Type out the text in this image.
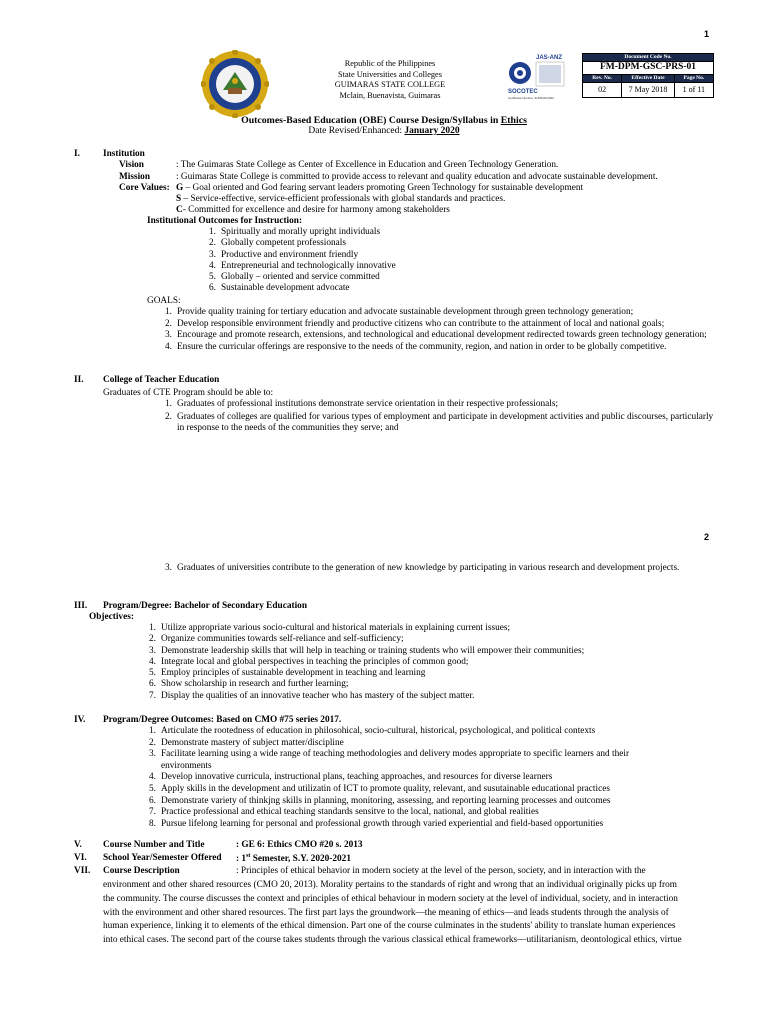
1
Republic of the Philippines
State Universities and Colleges
GUIMARAS STATE COLLEGE
Mclain, Buenavista, Guimaras
JAS-ANZ
SOCOTEC
Certificate Number: 6UP00/01/402
Document Code No.		
FM-DPM-GSC-PRS-01		
Rev. No.	Effective Date	Page No.
02	7 May 2018	1 of 11
Outcomes-Based Education (OBE) Course Design/Syllabus in Ethics
Date Revised/Enhanced: January 2020
I. Institution
Vision	: The Guimaras State College as Center of Excellence in Education and Green Technology Generation.
Mission	: Guimaras State College is committed to provide access to relevant and quality education and advocate sustainable development.
Core Values: G – Goal oriented and God fearing servant leaders promoting Green Technology for sustainable development
S – Service-effective, service-efficient professionals with global standards and practices.
C- Committed for excellence and desire for harmony among stakeholders
Institutional Outcomes for Instruction:
1. Spiritually and morally upright individuals
2. Globally competent professionals
3. Productive and environment friendly
4. Entrepreneurial and technologically innovative
5. Globally – oriented and service committed
6. Sustainable development advocate
GOALS:
1. Provide quality training for tertiary education and advocate sustainable development through green technology generation;
2. Develop responsible environment friendly and productive citizens who can contribute to the attainment of local and national goals;
3. Encourage and promote research, extensions, and technological and educational development redirected towards green technology generation;
4. Ensure the curricular offerings are responsive to the needs of the community, region, and nation in order to be globally competitive.
II. College of Teacher Education
Graduates of CTE Program should be able to:
1. Graduates of professional institutions demonstrate service orientation in their respective professionals;
2. Graduates of colleges are qualified for various types of employment and participate in development activities and public discourses, particularly in response to the needs of the communities they serve; and
2
3. Graduates of universities contribute to the generation of new knowledge by participating in various research and development projects.
III. Program/Degree: Bachelor of Secondary Education
Objectives:
1. Utilize appropriate various socio-cultural and historical materials in explaining current issues;
2. Organize communities towards self-reliance and self-sufficiency;
3. Demonstrate leadership skills that will help in teaching or training students who will empower their communities;
4. Integrate local and global perspectives in teaching the principles of common good;
5. Employ principles of sustainable development in teaching and learning
6. Show scholarship in research and further learning;
7. Display the qualities of an innovative teacher who has mastery of the subject matter.
IV. Program/Degree Outcomes: Based on CMO #75 series 2017.
1. Articulate the rootedness of education in philosohical, socio-cultural, historical, psychological, and political contexts
2. Demonstrate mastery of subject matter/discipline
3. Facilitate learning using a wide range of teaching methodologies and delivery modes appropriate to specific learners and their environments
4. Develop innovative curricula, instructional plans, teaching approaches, and resources for diverse learners
5. Apply skills in the development and utilizatin of ICT to promote quality, relevant, and susutainable educational practices
6. Demonstrate variety of thinkjng skills in planning, monitoring, assessing, and reporting learning processes and outcomes
7. Practice professional and ethical teaching standards sensitve to the local, national, and global realities
8. Pursue lifelong learning for personal and professional growth through varied experiential and field-based opportunities
V. Course Number and Title	: GE 6: Ethics CMO #20 s. 2013
VI. School Year/Semester Offered : 1st Semester, S.Y. 2020-2021
VII. Course Description	: Principles of ethical behavior in modern society at the level of the person, society, and in interaction with the
environment and other shared resources (CMO 20, 2013). Morality pertains to the standards of right and wrong that an individual originally picks up from
the community. The course discusses the context and principles of ethical behaviour in modern society at the level of individual, society, and in interaction
with the environment and other shared resources. The first part lays the groundwork—the meaning of ethics—and leads students through the analysis of
human experience, linking it to elements of the ethical dimension. Part one of the course culminates in the students' ability to translate human experiences
into ethical cases. The second part of the course takes students through the various classical ethical frameworks—utilitarianism, deontological ethics, virtue
